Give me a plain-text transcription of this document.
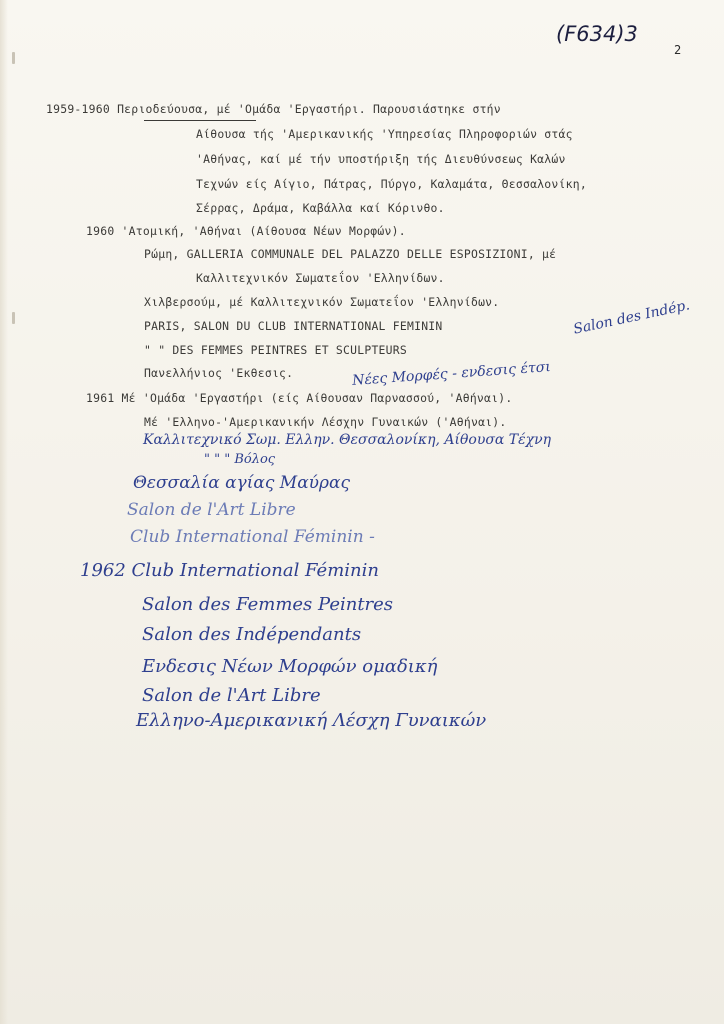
(F634)3
2
1959-1960 Περιοδεύουσα, μέ 'Ομάδα 'Εργαστήρι. Παρουσιάστηκε στήν
Αίθουσα τής 'Αμερικανικής 'Υπηρεσίας Πληροφοριών στάς
'Αθήνας, καί μέ τήν υποστήριξη τής Διευθύνσεως Καλών
Τεχνών είς Αίγιο, Πάτρας, Πύργο, Καλαμάτα, Θεσσαλονίκη,
Σέρρας, Δράμα, Καβάλλα καί Κόρινθο.
1960 'Ατομική, 'Αθήναι (Αίθουσα Νέων Μορφών).
Ρώμη, GALLERIA COMMUNALE DEL PALAZZO DELLE ESPOSIZIONI, μέ
Καλλιτεχνικόν Σωματεΐον 'Ελληνίδων.
Χιλβερσούμ, μέ Καλλιτεχνικόν Σωματεΐον 'Ελληνίδων.
PARIS, SALON DU CLUB INTERNATIONAL FEMININ
" " DES FEMMES PEINTRES ET SCULPTEURS
Πανελλήνιος 'Εκθεσις.
1961 Μέ 'Ομάδα 'Εργαστήρι (είς Αίθουσαν Παρνασσού, 'Αθήναι).
Μέ 'Ελληνο-'Αμερικανικήν Λέσχην Γυναικών ('Αθήναι).
Salon des Indép.
Νέες Μορφές - ενδεσις έτσι
Καλλιτεχνικό Σωμ. Ελλην. Θεσσαλονίκη, Αίθουσα Τέχνη
" " " Βόλος
Θεσσαλία αγίας Μαύρας
Salon de l'Art Libre
Club International Féminin -
1962 Club International Féminin
Salon des Femmes Peintres
Salon des Indépendants
Ενδεσις Νέων Μορφών ομαδική
Salon de l'Art Libre
Ελληνο-Αμερικανική Λέσχη Γυναικών
